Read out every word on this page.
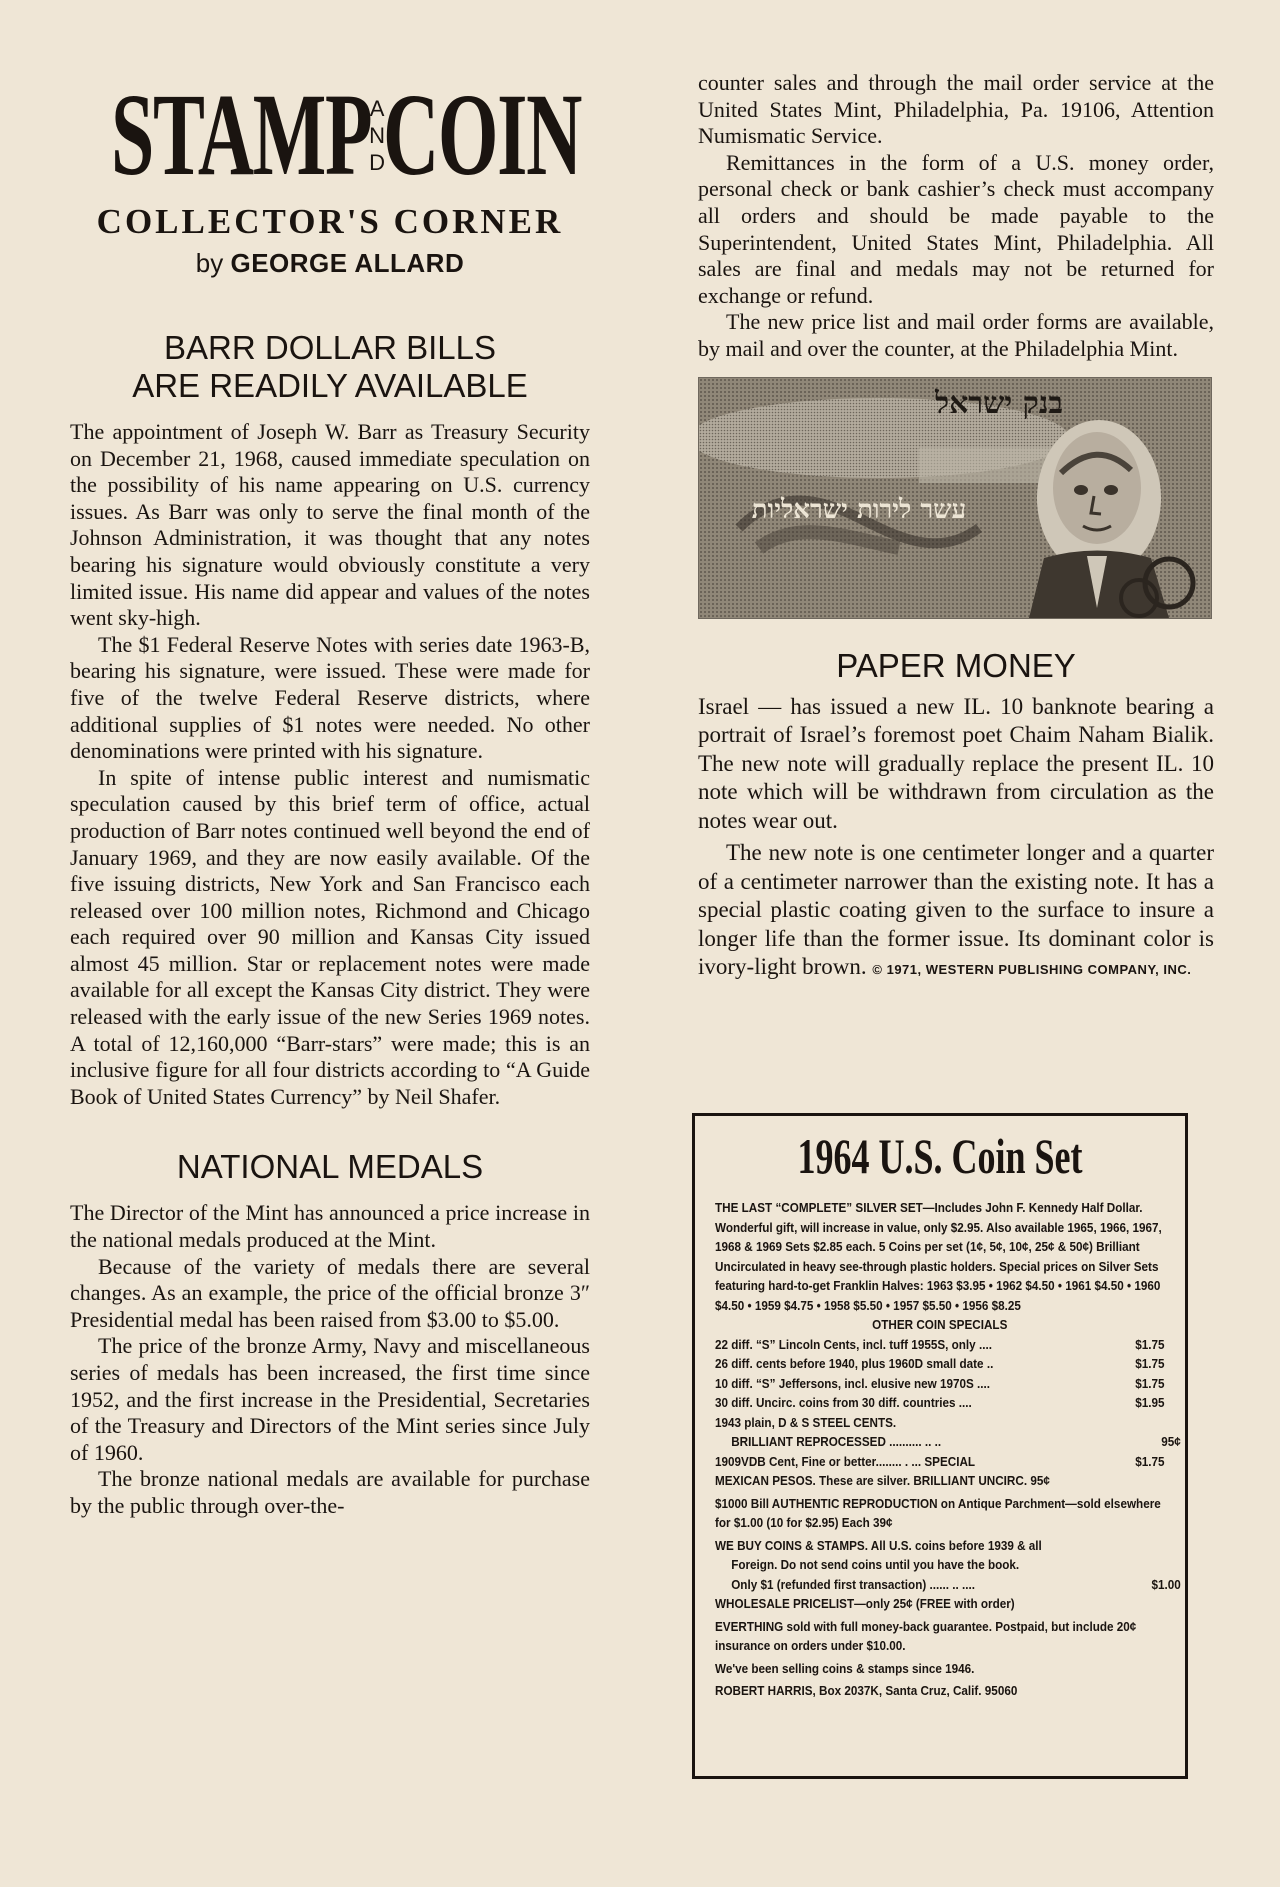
STAMP
A
N
D
COIN
COLLECTOR'S CORNER
by GEORGE ALLARD
BARR DOLLAR BILLS
ARE READILY AVAILABLE

The appointment of Joseph W. Barr as Treasury Security on December 21, 1968, caused immediate speculation on the possibility of his name appearing on U.S. currency issues. As Barr was only to serve the final month of the Johnson Administration, it was thought that any notes bearing his signature would obviously constitute a very limited issue. His name did appear and values of the notes went sky-high.

The $1 Federal Reserve Notes with series date 1963-B, bearing his signature, were issued. These were made for five of the twelve Federal Reserve districts, where additional supplies of $1 notes were needed. No other denominations were printed with his signature.

In spite of intense public interest and numismatic speculation caused by this brief term of office, actual production of Barr notes continued well beyond the end of January 1969, and they are now easily available. Of the five issuing districts, New York and San Francisco each released over 100 million notes, Richmond and Chicago each required over 90 million and Kansas City issued almost 45 million. Star or replacement notes were made available for all except the Kansas City district. They were released with the early issue of the new Series 1969 notes. A total of 12,160,000 “Barr-stars” were made; this is an inclusive figure for all four districts according to “A Guide Book of United States Currency” by Neil Shafer.

NATIONAL MEDALS

The Director of the Mint has announced a price increase in the national medals produced at the Mint.

Because of the variety of medals there are several changes. As an example, the price of the official bronze 3″ Presidential medal has been raised from $3.00 to $5.00.

The price of the bronze Army, Navy and miscellaneous series of medals has been increased, the first time since 1952, and the first increase in the Presidential, Secretaries of the Treasury and Directors of the Mint series since July of 1960.

The bronze national medals are available for purchase by the public through over-the-

counter sales and through the mail order service at the United States Mint, Philadelphia, Pa. 19106, Attention Numismatic Service.

Remittances in the form of a U.S. money order, personal check or bank cashier’s check must accompany all orders and should be made payable to the Superintendent, United States Mint, Philadelphia. All sales are final and medals may not be returned for exchange or refund.

The new price list and mail order forms are available, by mail and over the counter, at the Philadelphia Mint.

בנק ישראל
עשר לירות ישראליות
PAPER MONEY

Israel — has issued a new IL. 10 banknote bearing a portrait of Israel’s foremost poet Chaim Naham Bialik. The new note will gradually replace the present IL. 10 note which will be withdrawn from circulation as the notes wear out.

The new note is one centimeter longer and a quarter of a centimeter narrower than the existing note. It has a special plastic coating given to the surface to insure a longer life than the former issue. Its dominant color is ivory-light brown. © 1971, WESTERN PUBLISHING COMPANY, INC.

1964 U.S. Coin Set

THE LAST “COMPLETE” SILVER SET—Includes John F. Kennedy Half Dollar. Wonderful gift, will increase in value, only $2.95. Also available 1965, 1966, 1967, 1968 & 1969 Sets $2.85 each. 5 Coins per set (1¢, 5¢, 10¢, 25¢ & 50¢) Brilliant Uncirculated in heavy see-through plastic holders. Special prices on Silver Sets featuring hard-to-get Franklin Halves: 1963 $3.95 • 1962 $4.50 • 1961 $4.50 • 1960 $4.50 • 1959 $4.75 • 1958 $5.50 • 1957 $5.50 • 1956 $8.25

OTHER COIN SPECIALS

22 diff. “S” Lincoln Cents, incl. tuff 1955S, only ....	$1.75

26 diff. cents before 1940, plus 1960D small date ..	$1.75

10 diff. “S” Jeffersons, incl. elusive new 1970S ....	$1.75

30 diff. Uncirc. coins from 30 diff. countries ....	$1.95

1943 plain, D & S STEEL CENTS.

BRILLIANT REPROCESSED .......... .. ..	95¢

1909VDB Cent, Fine or better........ . ... SPECIAL	$1.75

MEXICAN PESOS. These are silver. BRILLIANT UNCIRC. 95¢

$1000 Bill AUTHENTIC REPRODUCTION on Antique Parchment—sold elsewhere for $1.00 (10 for $2.95) Each 39¢

WE BUY COINS & STAMPS. All U.S. coins before 1939 & all

Foreign. Do not send coins until you have the book.

Only $1 (refunded first transaction) ...... .. ....	$1.00

WHOLESALE PRICELIST—only 25¢ (FREE with order)

EVERTHING sold with full money-back guarantee. Postpaid, but include 20¢ insurance on orders under $10.00.

We've been selling coins & stamps since 1946.

ROBERT HARRIS, Box 2037K, Santa Cruz, Calif. 95060
